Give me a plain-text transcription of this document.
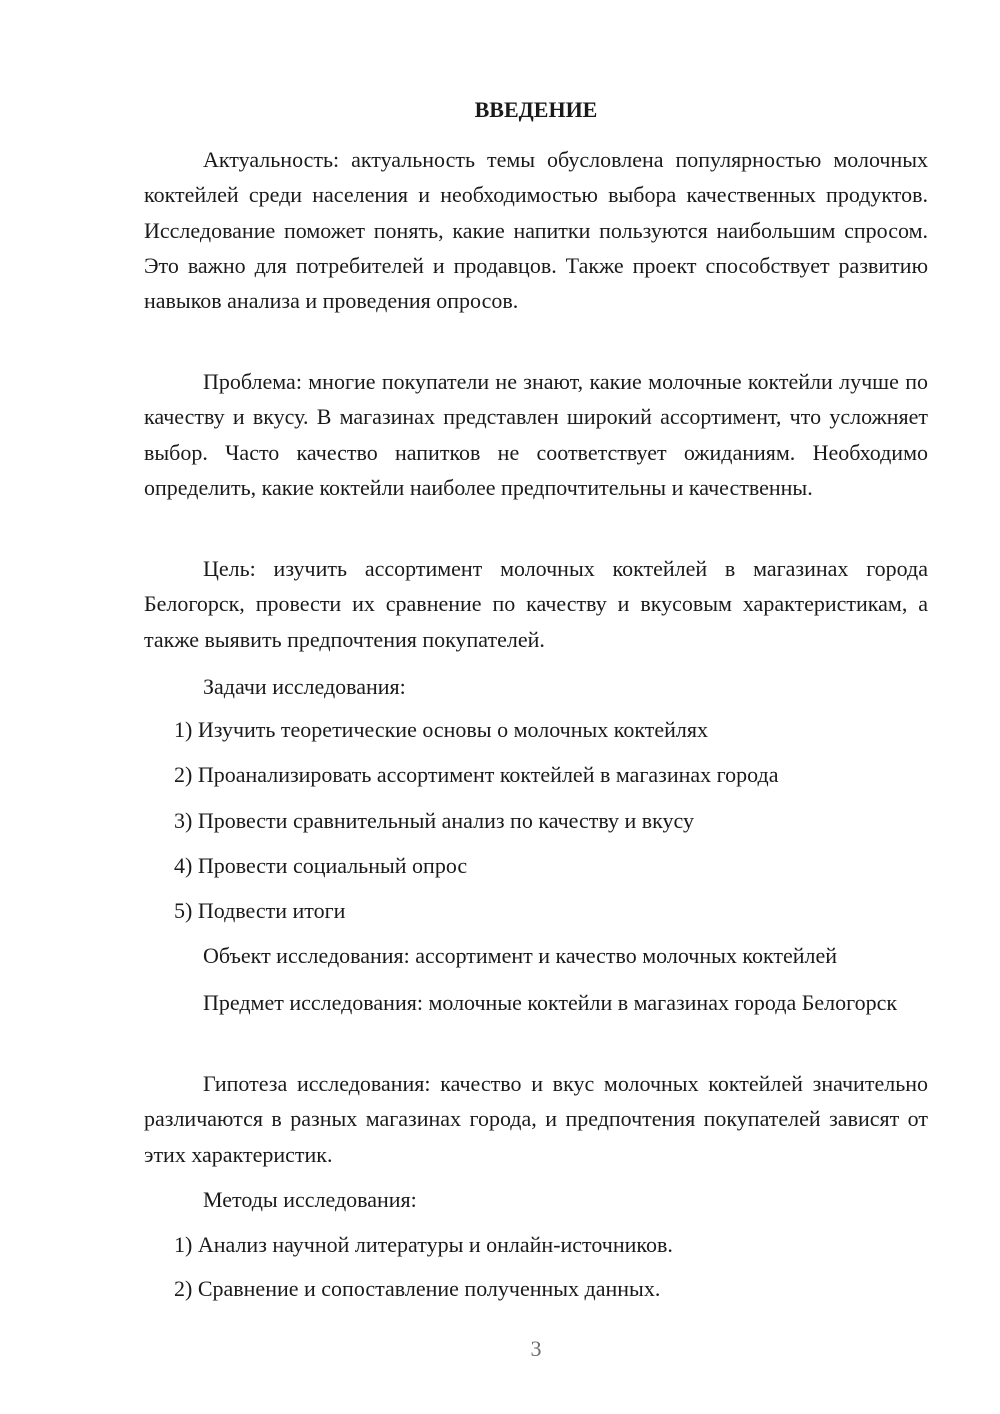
ВВЕДЕНИЕ

Актуальность: актуальность темы обусловлена популярностью молочных коктейлей среди населения и необходимостью выбора качественных продуктов. Исследование поможет понять, какие напитки пользуются наибольшим спросом. Это важно для потребителей и продавцов. Также проект способствует развитию навыков анализа и проведения опросов.

Проблема: многие покупатели не знают, какие молочные коктейли лучше по качеству и вкусу. В магазинах представлен широкий ассортимент, что усложняет выбор. Часто качество напитков не соответствует ожиданиям. Необходимо определить, какие коктейли наиболее предпочтительны и качественны.

Цель: изучить ассортимент молочных коктейлей в магазинах города Белогорск, провести их сравнение по качеству и вкусовым характеристикам, а также выявить предпочтения покупателей.

Задачи исследования:

1) Изучить теоретические основы о молочных коктейлях

2) Проанализировать ассортимент коктейлей в магазинах города

3) Провести сравнительный анализ по качеству и вкусу

4) Провести социальный опрос

5) Подвести итоги

Объект исследования: ассортимент и качество молочных коктейлей

Предмет исследования: молочные коктейли в магазинах города Белогорск

Гипотеза исследования: качество и вкус молочных коктейлей значительно различаются в разных магазинах города, и предпочтения покупателей зависят от этих характеристик.

Методы исследования:

1) Анализ научной литературы и онлайн-источников.

2) Сравнение и сопоставление полученных данных.

3
